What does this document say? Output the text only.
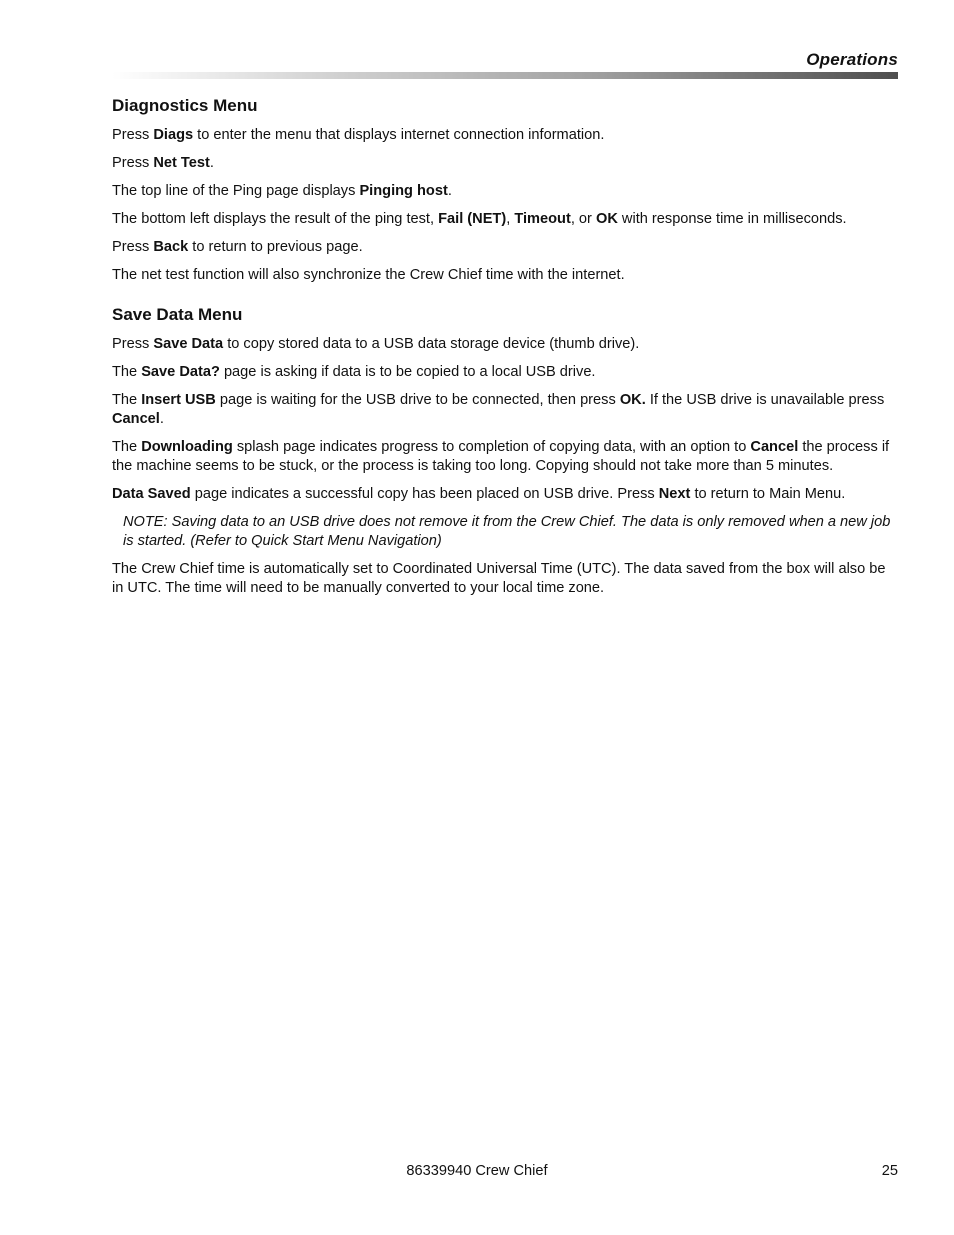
Operations
Diagnostics Menu

Press Diags to enter the menu that displays internet connection information.

Press Net Test.

The top line of the Ping page displays Pinging host.

The bottom left displays the result of the ping test, Fail (NET), Timeout, or OK with response time in milliseconds.

Press Back to return to previous page.

The net test function will also synchronize the Crew Chief time with the internet.

Save Data Menu

Press Save Data to copy stored data to a USB data storage device (thumb drive).

The Save Data? page is asking if data is to be copied to a local USB drive.

The Insert USB page is waiting for the USB drive to be connected, then press OK. If the USB drive is unavailable press Cancel.

The Downloading splash page indicates progress to completion of copying data, with an option to Cancel the process if the machine seems to be stuck, or the process is taking too long. Copying should not take more than 5 minutes.

Data Saved page indicates a successful copy has been placed on USB drive. Press Next to return to Main Menu.

NOTE: Saving data to an USB drive does not remove it from the Crew Chief. The data is only removed when a new job is started. (Refer to Quick Start Menu Navigation)

The Crew Chief time is automatically set to Coordinated Universal Time (UTC). The data saved from the box will also be in UTC. The time will need to be manually converted to your local time zone.

86339940 Crew Chief	25
